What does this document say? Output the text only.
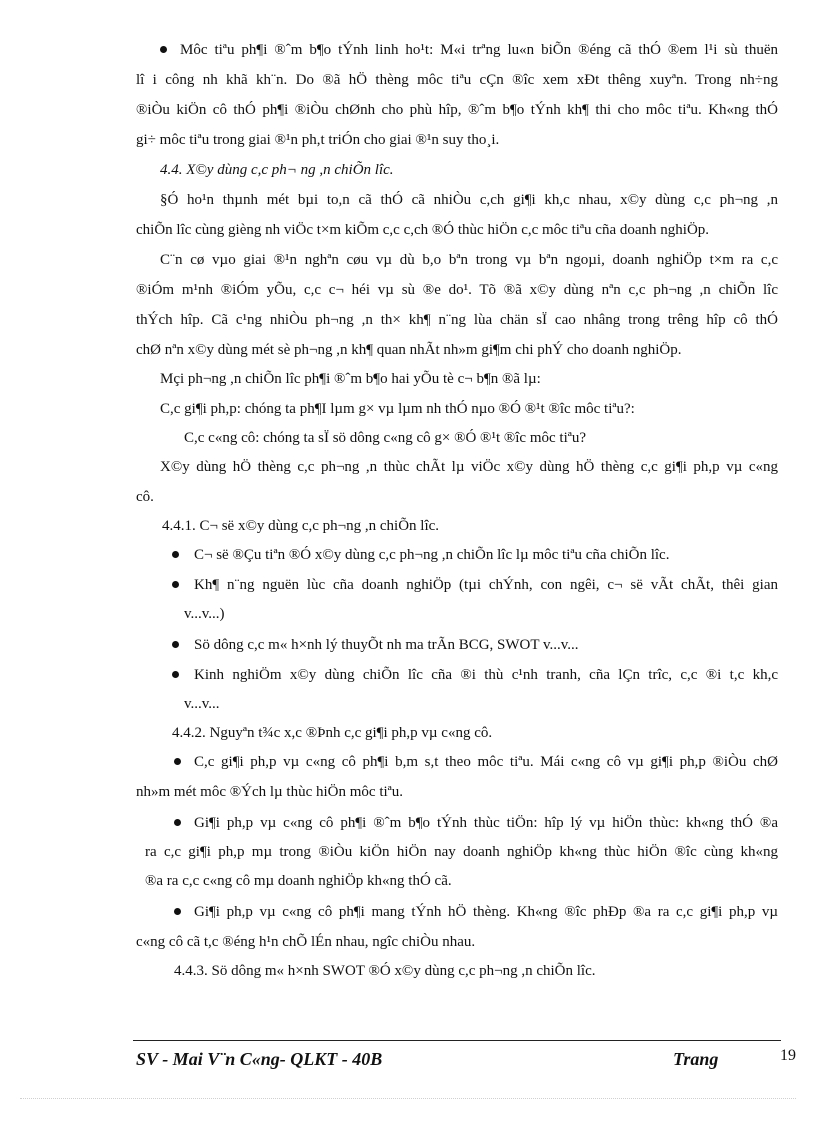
Môc tiªu ph¶i ®ˆm b¶o tÝnh linh ho¹t: M«i trªng lu«n biÕn ®éng cã thÓ ®em l¹i sù thuën
lî i công nh khã kh¨n. Do ®ã hÖ thèng môc tiªu cÇn ®îc xem xÐt thêng xuyªn. Trong nh÷ng
®iÒu kiÖn cô thÓ ph¶i ®iÒu chØnh cho phù hîp, ®ˆm b¶o tÝnh kh¶ thi cho môc tiªu. Kh«ng thÓ
gi÷ môc tiªu trong giai ®¹n ph,t triÓn cho giai ®¹n suy tho¸i.
4.4. X©y dùng c,c ph¬ ng ,n chiÕn lîc.
§Ó ho¹n thµnh mét bµi to,n cã thÓ cã nhiÒu c,ch gi¶i kh,c nhau, x©y dùng c,c ph¬ng ,n
chiÕn lîc cùng gièng nh viÖc t×m kiÕm c,c c,ch ®Ó thùc hiÖn c,c môc tiªu cña doanh nghiÖp.
C¨n cø vµo giai ®¹n nghªn cøu vµ dù b,o bªn trong vµ bªn ngoµi, doanh nghiÖp t×m ra c,c
®iÓm m¹nh ®iÓm yÕu, c,c c¬ héi vµ sù ®e do¹. Tõ ®ã x©y dùng nªn c,c ph¬ng ,n chiÕn lîc
thÝch hîp. Cã c¹ng nhiÒu ph¬ng ,n th× kh¶ n¨ng lùa chän sÏ cao nhâng trong trêng hîp cô thÓ
chØ nªn x©y dùng mét sè ph¬ng ,n kh¶ quan nhÃt nh»m gi¶m chi phÝ cho doanh nghiÖp.
Mçi ph¬ng ,n chiÕn lîc ph¶i ®ˆm b¶o hai yÕu tè c¬ b¶n ®ã lµ:
C,c gi¶i ph,p: chóng ta ph¶I lµm g× vµ lµm nh thÓ nµo ®Ó ®¹t ®îc môc tiªu?:
C,c c«ng cô: chóng ta sÏ sö dông c«ng cô g× ®Ó ®¹t ®îc môc tiªu?
X©y dùng hÖ thèng c,c ph¬ng ,n thùc chÃt lµ viÖc x©y dùng hÖ thèng c,c gi¶i ph,p vµ c«ng
cô.
4.4.1. C¬ së x©y dùng c,c ph¬ng ,n chiÕn lîc.
C¬ së ®Çu tiªn ®Ó x©y dùng c,c ph¬ng ,n chiÕn lîc lµ môc tiªu cña chiÕn lîc.
Kh¶ n¨ng nguën lùc cña doanh nghiÖp (tµi chÝnh, con ngêi, c¬ së vÃt chÃt, thêi gian
v...v...)
Sö dông c,c m« h×nh lý thuyÕt nh ma trÃn BCG, SWOT v...v...
Kinh nghiÖm x©y dùng chiÕn lîc cña ®i thù c¹nh tranh, cña lÇn trîc, c,c ®i t,c kh,c
v...v...
4.4.2. Nguyªn t¾c x,c ®Þnh c,c gi¶i ph,p vµ c«ng cô.
C,c gi¶i ph,p vµ c«ng cô ph¶i b,m s,t theo môc tiªu. Mái c«ng cô vµ gi¶i ph,p ®iÒu chØ
nh»m mét môc ®Ých lµ thùc hiÖn môc tiªu.
Gi¶i ph,p vµ c«ng cô ph¶i ®ˆm b¶o tÝnh thùc tiÖn: hîp lý vµ hiÖn thùc: kh«ng thÓ ®a
ra c,c gi¶i ph,p mµ trong ®iÒu kiÖn hiÖn nay doanh nghiÖp kh«ng thùc hiÖn ®îc cùng kh«ng
®a ra c,c c«ng cô mµ doanh nghiÖp kh«ng thÓ cã.
Gi¶i ph,p vµ c«ng cô ph¶i mang tÝnh hÖ thèng. Kh«ng ®îc phÐp ®a ra c,c gi¶i ph,p vµ
c«ng cô cã t,c ®éng h¹n chÕ lÉn nhau, ngîc chiÒu nhau.
4.4.3. Sö dông m« h×nh SWOT ®Ó x©y dùng c,c ph¬ng ,n chiÕn lîc.
SV - Mai V¨n C«ng- QLKT - 40B	Trang	19
